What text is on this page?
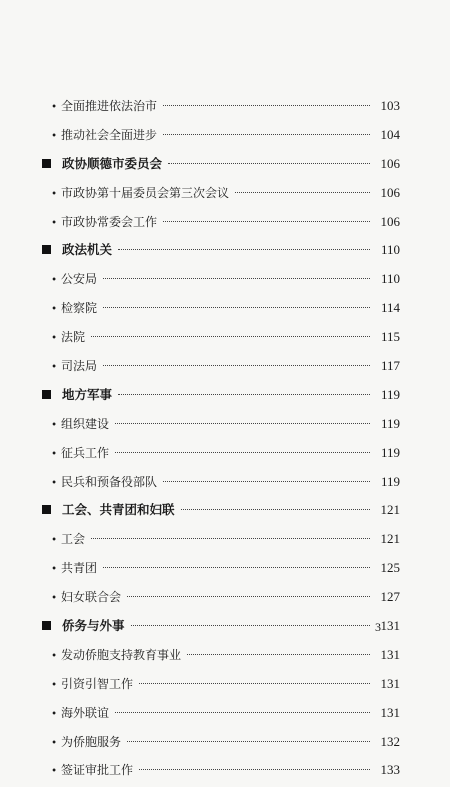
•
全面推进依法治市	103
•
推动社会全面进步	104
政协顺德市委员会	106
•
市政协第十届委员会第三次会议	106
•
市政协常委会工作	106
政法机关	110
•
公安局	110
•
检察院	114
•
法院	115
•
司法局	117
地方军事	119
•
组织建设	119
•
征兵工作	119
•
民兵和预备役部队	119
工会、共青团和妇联	121
•
工会	121
•
共青团	125
•
妇女联合会	127
侨务与外事	131
•
发动侨胞支持教育事业	131
•
引资引智工作	131
•
海外联谊	131
•
为侨胞服务	132
•
签证审批工作	133
3
